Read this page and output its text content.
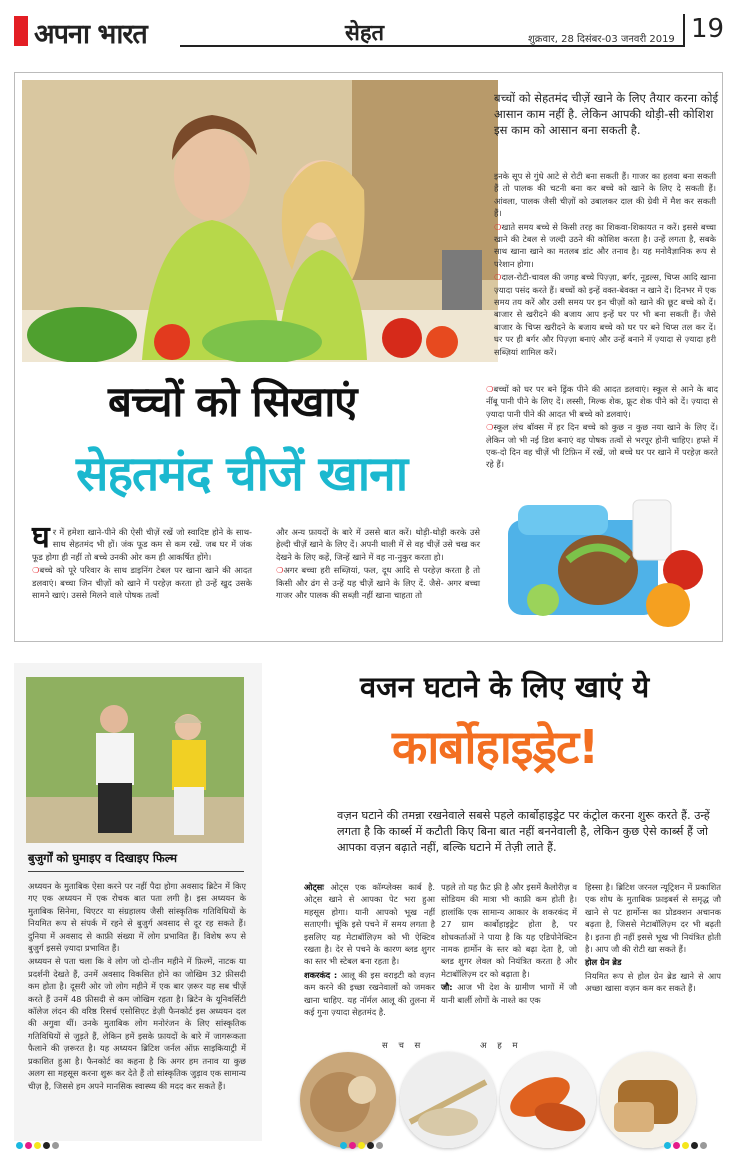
अपना भारत	सेहत	शुक्रवार, 28 दिसंबर-03 जनवरी 2019 19
बच्चों को सेहतमंद चीज़ें खाने के लिए तैयार करना कोई आसान काम नहीं है. लेकिन आपकी थोड़ी-सी कोशिश इस काम को आसान बना सकती है.

इनके सूप से गुंधे आटे से रोटी बना सकती हैं। गाजर का हलवा बना सकती हैं तो पालक की चटनी बना कर बच्चे को खाने के लिए दे सकती हैं। आंवला, पालक जैसी चीज़ों को उबालकर दाल की ग्रेवी में मैश कर सकती हैं।

❍खाते समय बच्चे से किसी तरह का शिकवा-शिकायत न करें। इससे बच्चा खाने की टेबल से जल्दी उठने की कोशिश करता है। उन्हें लगता है, सबके साथ खाना खाने का मतलब डांट और तनाव है। यह मनोवैज्ञानिक रूप से परेशान होगा।

❍दाल-रोटी-चावल की जगह बच्चे पिज़्ज़ा, बर्गर, नूडल्स, चिप्स आदि खाना ज़्यादा पसंद करते हैं। बच्चों को इन्हें वक्त-बेवक्त न खाने दें। दिनभर में एक समय तय करें और उसी समय पर इन चीज़ों को खाने की छूट बच्चे को दें। बाजार से खरीदने की बजाय आप इन्हें घर पर भी बना सकती हैं। जैसे बाजार के चिप्स खरीदने के बजाय बच्चे को घर पर बने चिप्स तल कर दें। घर पर ही बर्गर और पिज़्ज़ा बनाएं और उन्हें बनाने में ज़्यादा से ज़्यादा हरी सब्ज़ियां शामिल करें।

❍बच्चों को घर पर बने ड्रिंक पीने की आदत डलवाएं। स्कूल से आने के बाद नींबू पानी पीने के लिए दें। लस्सी, मिल्क शेक, फ्रूट शेक पीने को दें। ज़्यादा से ज़्यादा पानी पीने की आदत भी बच्चे को डलवाएं।

❍स्कूल लंच बॉक्स में हर दिन बच्चे को कुछ न कुछ नया खाने के लिए दें। लेकिन जो भी नई डिश बनाएं वह पोषक तत्वों से भरपूर होनी चाहिए। हफ्ते में एक-दो दिन वह चीज़ें भी टिफ़िन में रखें, जो बच्चे घर पर खाने में परहेज़ करते रहे हैं।

बच्चों को सिखाएं
सेहतमंद चीजें खाना

घर में हमेशा खाने-पीने की ऐसी चीज़ें रखें जो स्वादिष्ट होने के साथ-साथ सेहतमंद भी हों। जंक फूड कम से कम रखें. जब घर में जंक फूड होगा ही नहीं तो बच्चे उनकी ओर कम ही आकर्षित होंगे।

❍बच्चे को पूरे परिवार के साथ डाइनिंग टेबल पर खाना खाने की आदत डलवाएं। बच्चा जिन चीज़ों को खाने में परहेज़ करता हो उन्हें खुद उसके सामने खाएं। उससे मिलने वाले पोषक तत्वों

और अन्य फ़ायदों के बारे में उससे बात करें। थोड़ी-थोड़ी करके उसे हेल्दी चीज़ें खाने के लिए दें। अपनी थाली में से वह चीज़ें उसे चख कर देखने के लिए कहें, जिन्हें खाने में वह ना-नुकुर करता हो।

❍अगर बच्चा हरी सब्ज़ियां, फल, दूध आदि से परहेज़ करता है तो किसी और ढंग से उन्हें यह चीज़ें खाने के लिए दें. जैसे- अगर बच्चा गाजर और पालक की सब्ज़ी नहीं खाना चाहता तो

बुजुर्गों को घुमाइए व दिखाइए फिल्म

अध्ययन के मुताबिक ऐसा करने पर नहीं पैदा होगा अवसाद ब्रिटेन में किए गए एक अध्ययन में एक रोचक बात पता लगी है। इस अध्ययन के मुताबिक सिनेमा, थिएटर या संग्रहालय जैसी सांस्कृतिक गतिविधियों के नियमित रूप से संपर्क में रहने से बुजुर्ग अवसाद से दूर रह सकते हैं। दुनिया में अवसाद से काफ़ी संख्या में लोग प्रभावित हैं। विशेष रूप से बुजुर्ग इससे ज़्यादा प्रभावित हैं।

अध्ययन से पता चला कि वे लोग जो दो-तीन महीने में फ़िल्में, नाटक या प्रदर्शनी देखते हैं, उनमें अवसाद विकसित होने का जोखिम 32 फ़ीसदी कम होता है। दूसरी ओर जो लोग महीने में एक बार ज़रूर यह सब चीज़ें करते हैं उनमें 48 फ़ीसदी से कम जोखिम रहता है। ब्रिटेन के यूनिवर्सिटी कॉलेज लंदन की वरिष्ठ रिसर्च एसोसिएट डेज़ी फैनकोर्ट इस अध्ययन दल की अगुवा थीं। उनके मुताबिक लोग मनोरंजन के लिए सांस्कृतिक गतिविधियों से जुड़ते हैं, लेकिन हमें इसके फ़ायदों के बारे में जागरूकता फैलाने की ज़रूरत है। यह अध्ययन ब्रिटिश जर्नल ऑफ़ साइकियाट्री में प्रकाशित हुआ है। फैनकोर्ट का कहना है कि अगर हम तनाव या कुछ अलग सा महसूस करना शुरू कर देते हैं तो सांस्कृतिक जुड़ाव एक सामान्य चीज़ है, जिससे हम अपने मानसिक स्वास्थ्य की मदद कर सकते हैं।

वजन घटाने के लिए खाएं ये
कार्बोहाइड्रेट!
वज़न घटाने की तमन्ना रखनेवाले सबसे पहले कार्बोहाइड्रेट पर कंट्रोल करना शुरू करते हैं. उन्हें लगता है कि कार्ब्स में कटौती किए बिना बात नहीं बननेवाली है, लेकिन कुछ ऐसे कार्ब्स हैं जो आपका वज़न बढ़ाते नहीं, बल्कि घटाने में तेज़ी लाते हैं.

ओट्सः ओट्स एक कॉम्प्लेक्स कार्ब है. ओट्स खाने से आपका पेट भरा हुआ महसूस होगा। यानी आपको भूख नहीं सताएगी। चूंकि इसे पचने में समय लगता है इसलिए यह मेटाबॉलिज़्म को भी ऐक्टिव रखता है। देर से पचने के कारण ब्लड शुगर का स्तर भी स्टेबल बना रहता है।

शकरकंद : आलू की इस वराइटी को वज़न कम करने की इच्छा रखनेवालों को जमकर खाना चाहिए. यह नॉर्मल आलू की तुलना में कई गुना ज़्यादा सेहतमंद है.

पहले तो यह फ़ैट फ़्री है और इसमें कैलोरीज़ व सोडियम की मात्रा भी काफ़ी कम होती है। हालांकि एक सामान्य आकार के शकरकंद में 27 ग्राम कार्बोहाइड्रेट होता है, पर शोधकर्ताओं ने पाया है कि यह एडिपोनेक्टिन नामक हार्मोन के स्तर को बढ़ा देता है, जो ब्लड शुगर लेवल को नियंत्रित करता है और मेटाबॉलिज़्म दर को बढ़ाता है।

जौ: आज भी देश के ग्रामीण भागों में जौ यानी बार्ली लोगों के नाश्ते का एक

हिस्सा है। ब्रिटिश जरनल न्यूट्रिशन में प्रकाशित एक शोध के मुताबिक फ़ाइबर्स से समृद्ध जौ खाने से पट हार्मोन्स का प्रोडक्शन अचानक बढ़ता है, जिससे मेटाबॉलिज़्म दर भी बढ़ती है। इतना ही नहीं इससे भूख भी नियंत्रित होती है। आप जौ की रोटी खा सकते हैं।

होल ग्रेन ब्रेड

नियमित रूप से होल ग्रेन ब्रेड खाने से आप अच्छा खासा वज़न कम कर सकते हैं।

स च स	अ ह म
